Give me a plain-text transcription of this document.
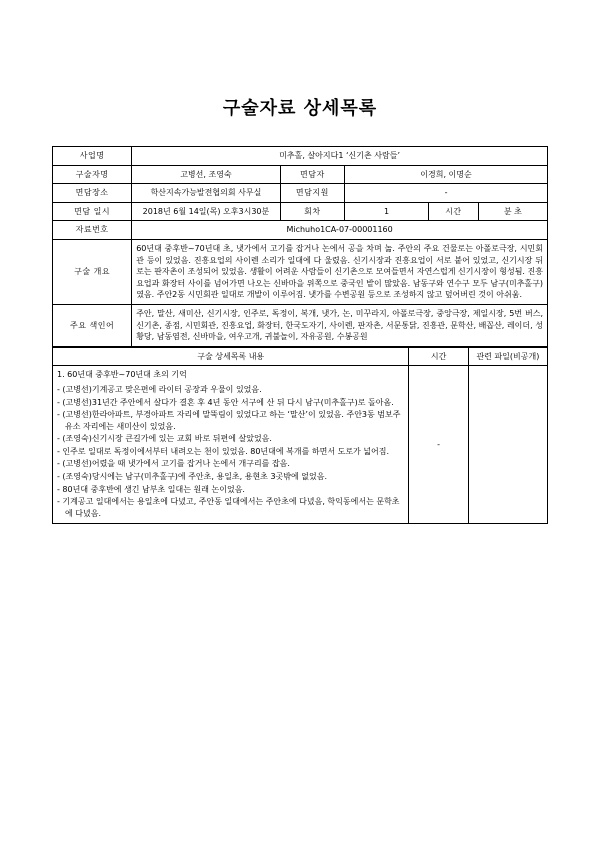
구술자료 상세목록
사업명	미추홀, 살아지다1 ‘신기촌 사람들’				
구술자명	고병선, 조영숙	면담자	이경희, 이명순		
면담장소	학산지속가능발전협의회 사무실	면담지원	-		
면담 일시	2018년 6월 14일(목) 오후3시30분	회차	1	시간	분 초
자료번호	Michuho1CA-07-00001160				
구술 개요	60년대 중후반~70년대 초, 냇가에서 고기를 잡거나 논에서 공을 차며 놂. 주안의 주요 건물로는 아폴로극장, 시민회관 등이 있었음. 진흥요업의 사이렌 소리가 일대에 다 울렸음. 신기시장과 진흥요업이 서로 붙어 있었고, 신기시장 뒤로는 판자촌이 조성되어 있었음. 생활이 어려운 사람들이 신기촌으로 모여들면서 자연스럽게 신기시장이 형성됨. 진흥요업과 화장터 사이를 넘어가면 나오는 신바마을 위쪽으로 중국인 밭이 많았음. 남동구와 연수구 모두 남구(미추홀구)였음. 주안2동 시민회관 일대로 개발이 이루어짐. 냇가를 수변공원 등으로 조성하지 않고 덮어버린 것이 아쉬움.				
주요 색인어	주안, 말산, 새미산, 신기시장, 인주로, 독정이, 복개, 냇가, 논, 미꾸라지, 아폴로극장, 중앙극장, 제일시장, 5번 버스, 신기촌, 종점, 시민회관, 진흥요업, 화장터, 한국도자기, 사이렌, 판자촌, 서문통닭, 진흥관, 문학산, 배꼽산, 레이더, 성황당, 남동염전, 신바마을, 여우고개, 귀불놀이, 자유공원, 수봉공원				
구술 상세목록 내용	시간	관련 파일(비공개)

1. 60년대 중후반~70년대 초의 기억
- (고병선)기계공고 맞은편에 라이터 공장과 우물이 있었음.
- (고병선)31년간 주안에서 살다가 결혼 후 4년 동안 서구에 산 뒤 다시 남구(미추홀구)로 돌아옴.
- (고병선)한라아파트, 부경아파트 자리에 말뚝림이 있었다고 하는 ‘말산’이 있었음. 주안3동 범보주유소 자리에는 새미산이 있었음.
- (조영숙)신기시장 큰길가에 있는 교회 바로 뒤편에 살았었음.
- 인주로 일대로 독정이에서부터 내려오는 천이 있었음. 80년대에 복개를 하면서 도로가 넓어짐.
- (고병선)어렸을 때 냇가에서 고기를 잡거나 논에서 개구리를 잡음.
- (조영숙)당시에는 남구(미추홀구)에 주안초, 용일초, 용현초 3곳밖에 없었음.
- 80년대 중후반에 생긴 남부초 일대는 원래 논이었음.
- 기계공고 일대에서는 용일초에 다녔고, 주안동 일대에서는 주안초에 다녔음, 학익동에서는 문학초에 다녔음.
	-	
